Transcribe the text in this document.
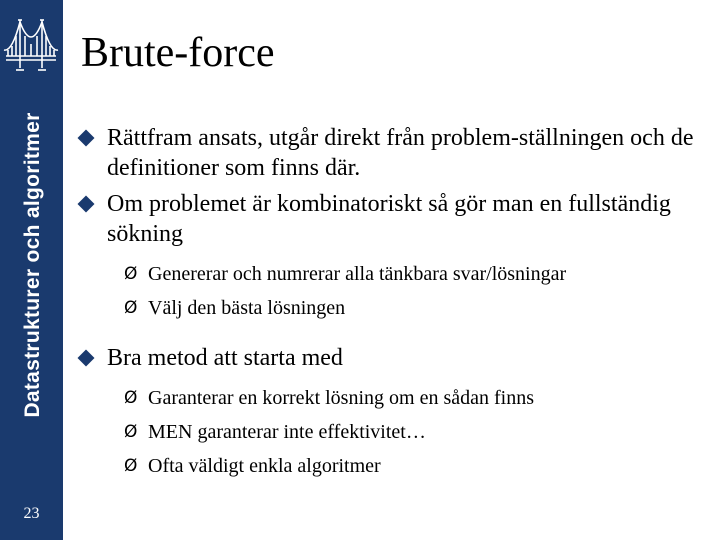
Datastrukturer och algoritmer
23
Brute-force
Rättfram ansats, utgår direkt från problem-ställningen och de definitioner som finns där.
Om problemet är kombinatoriskt så gör man en fullständig sökning
Ø Genererar och numrerar alla tänkbara svar/lösningar
Ø Välj den bästa lösningen
Bra metod att starta med
Ø Garanterar en korrekt lösning om en sådan finns
Ø MEN garanterar inte effektivitet…
Ø Ofta väldigt enkla algoritmer
